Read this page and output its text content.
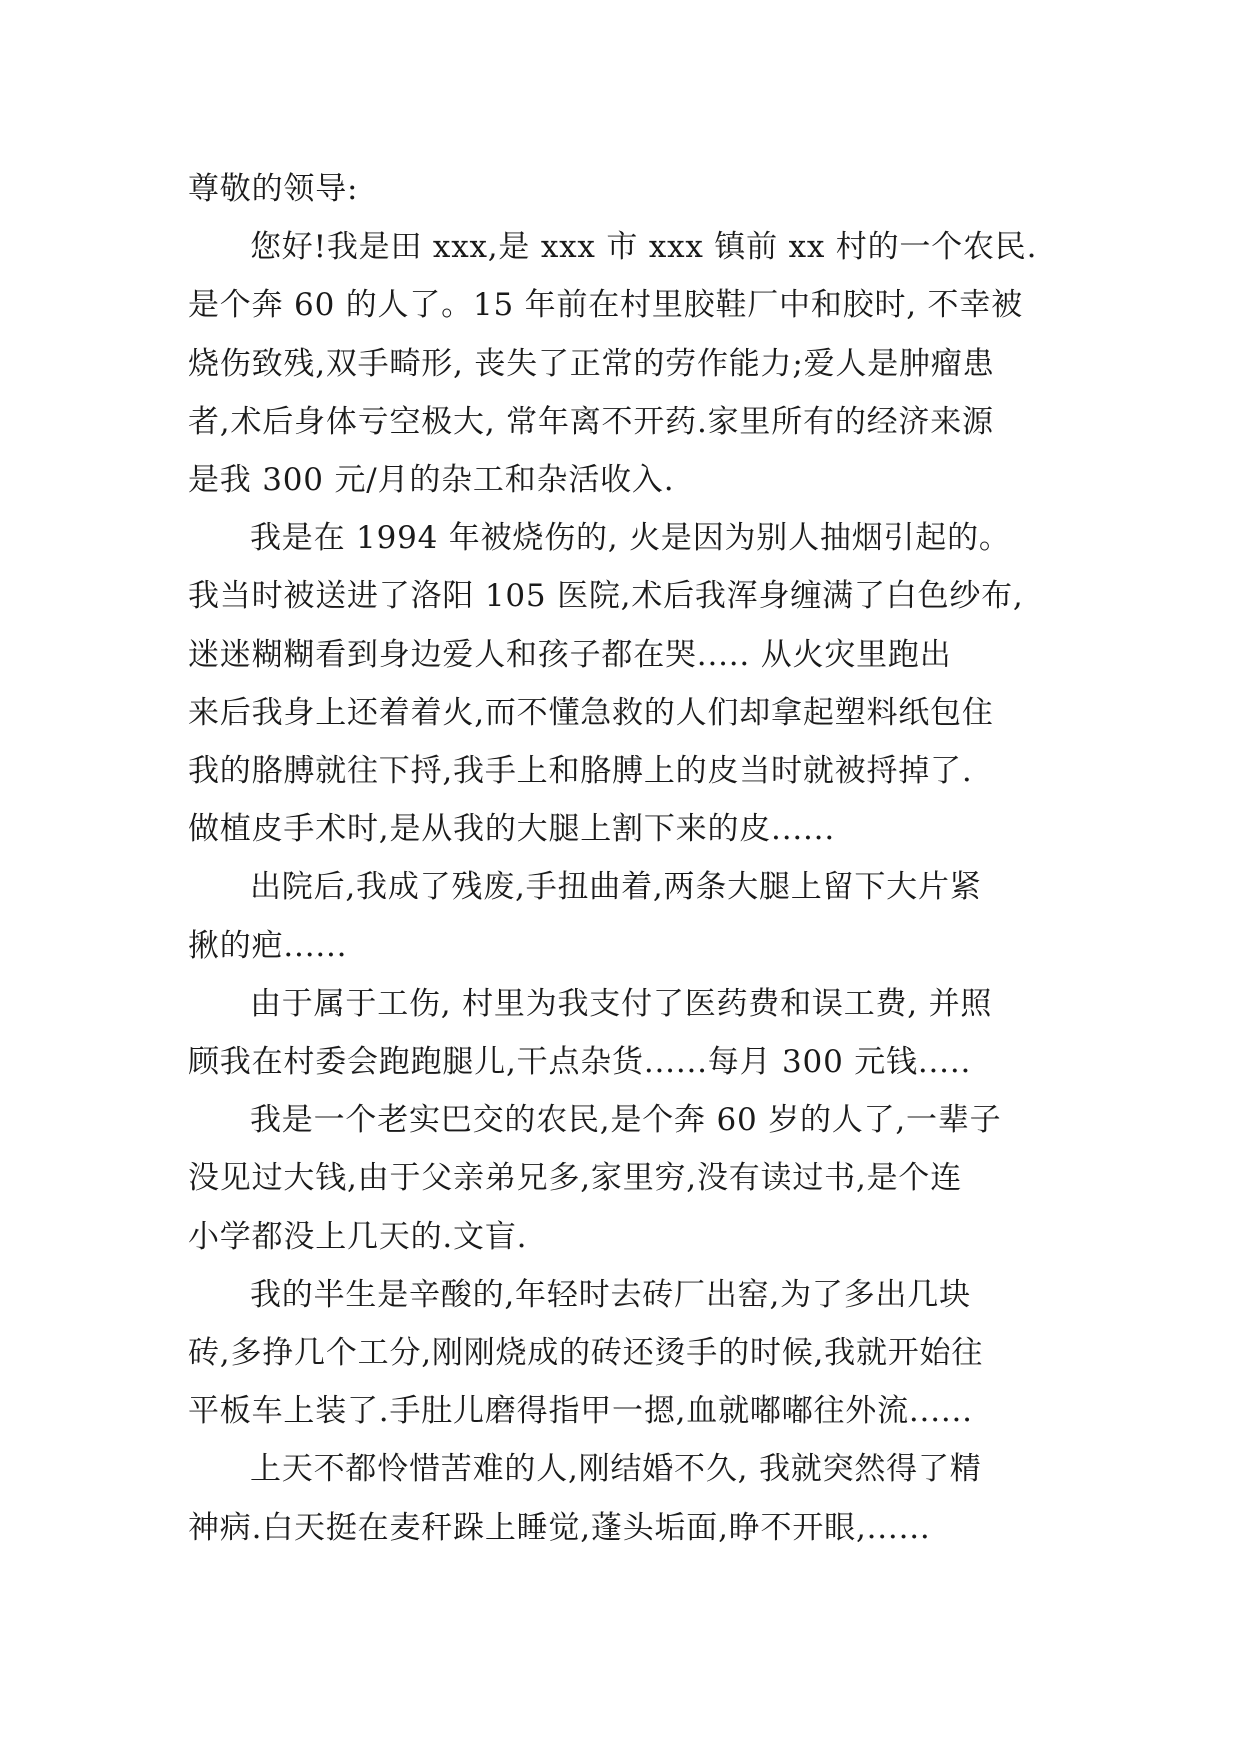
尊敬的领导:

您好!我是田 xxx,是 xxx 市 xxx 镇前 xx 村的一个农民.
是个奔 60 的人了。15 年前在村里胶鞋厂中和胶时, 不幸被
烧伤致残,双手畸形, 丧失了正常的劳作能力;爱人是肿瘤患
者,术后身体亏空极大, 常年离不开药.家里所有的经济来源
是我 300 元/月的杂工和杂活收入.

我是在 1994 年被烧伤的, 火是因为别人抽烟引起的。
我当时被送进了洛阳 105 医院,术后我浑身缠满了白色纱布,
迷迷糊糊看到身边爱人和孩子都在哭..... 从火灾里跑出
来后我身上还着着火,而不懂急救的人们却拿起塑料纸包住
我的胳膊就往下捋,我手上和胳膊上的皮当时就被捋掉了.
做植皮手术时,是从我的大腿上割下来的皮......

出院后,我成了残废,手扭曲着,两条大腿上留下大片紧
揪的疤......

由于属于工伤, 村里为我支付了医药费和误工费, 并照
顾我在村委会跑跑腿儿,干点杂货......每月 300 元钱.....

我是一个老实巴交的农民,是个奔 60 岁的人了,一辈子
没见过大钱,由于父亲弟兄多,家里穷,没有读过书,是个连
小学都没上几天的.文盲.

我的半生是辛酸的,年轻时去砖厂出窑,为了多出几块
砖,多挣几个工分,刚刚烧成的砖还烫手的时候,我就开始往
平板车上装了.手肚儿磨得指甲一摁,血就嘟嘟往外流......

上天不都怜惜苦难的人,刚结婚不久, 我就突然得了精
神病.白天挺在麦秆跺上睡觉,蓬头垢面,睁不开眼,......
